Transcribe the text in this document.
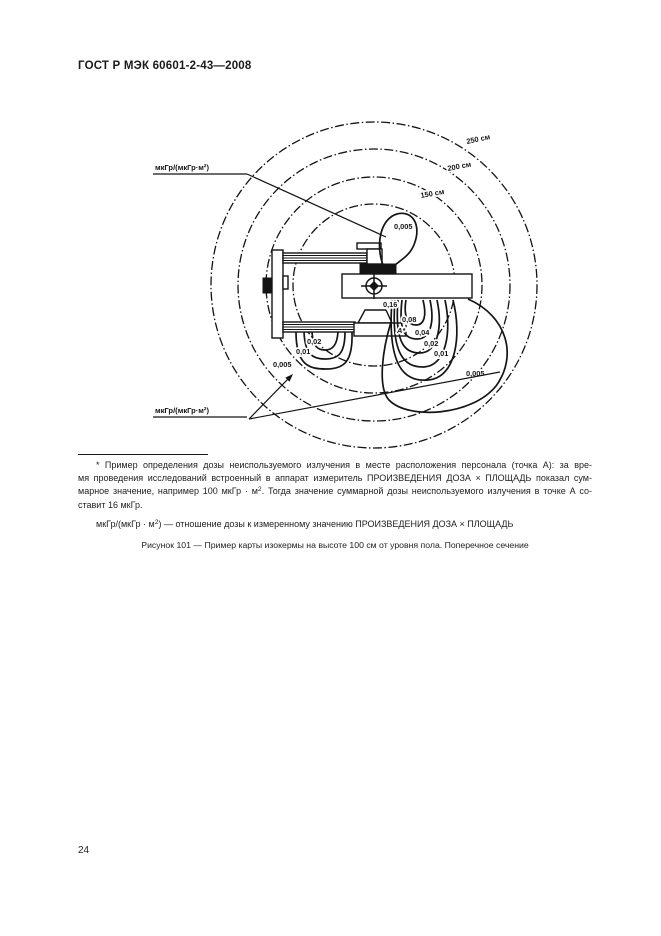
ГОСТ Р МЭК 60601-2-43—2008
250 см
200 см
150 см
0,005
0,16
0,08
A* 0,04
0,02
0,01
0,005
0,02
0,01
0,005
мкГр/(мкГр·м²)
мкГр/(мкГр·м²)
* Пример определения дозы неиспользуемого излучения в месте расположения персонала (точка А): за вре-
мя проведения исследований встроенный в аппарат измеритель ПРОИЗВЕДЕНИЯ ДОЗА × ПЛОЩАДЬ показал сум-
марное значение, например 100 мкГр · $м^2$. Тогда значение суммарной дозы неиспользуемого излучения в точке А со-
ставит 16 мкГр.
мкГр/(мкГр · $м^2$) — отношение дозы к измеренному значению ПРОИЗВЕДЕНИЯ ДОЗА × ПЛОЩАДЬ
Рисунок 101 — Пример карты изокермы на высоте 100 см от уровня пола. Поперечное сечение
24
